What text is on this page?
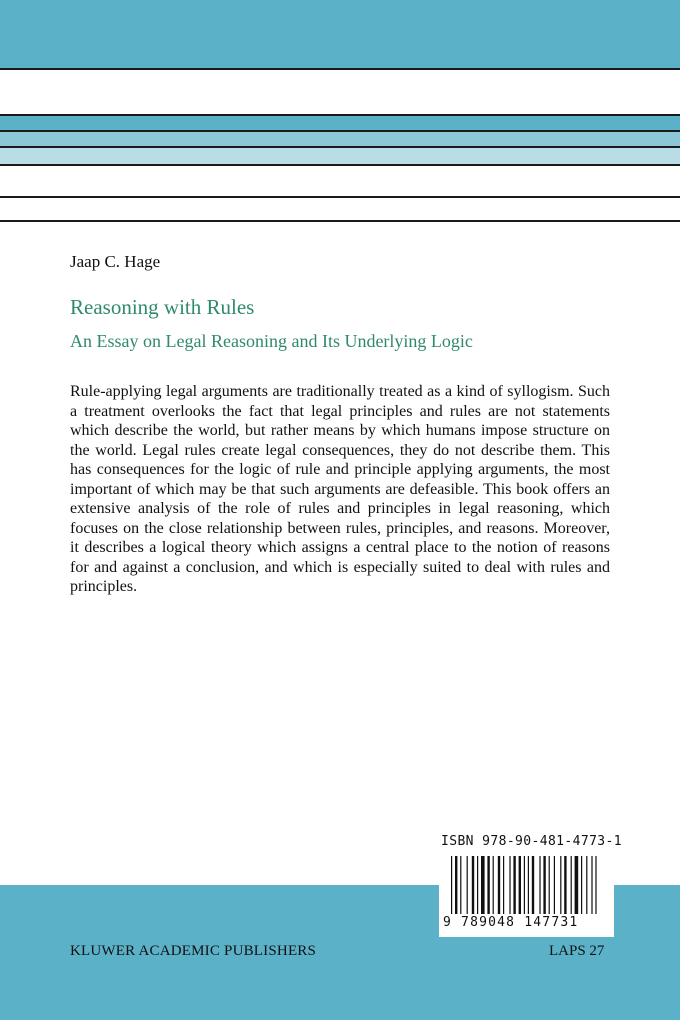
Jaap C. Hage
Reasoning with Rules
An Essay on Legal Reasoning and Its Underlying Logic
Rule-applying legal arguments are traditionally treated as a kind of syllogism. Such a treatment overlooks the fact that legal principles and rules are not statements which describe the world, but rather means by which humans impose structure on the world. Legal rules create legal consequences, they do not describe them. This has consequences for the logic of rule and principle applying arguments, the most important of which may be that such arguments are defeasible. This book offers an extensive analysis of the role of rules and principles in legal reasoning, which focuses on the close relationship between rules, principles, and reasons. Moreover, it describes a logical theory which assigns a central place to the notion of reasons for and against a conclusion, and which is especially suited to deal with rules and principles.
ISBN 978-90-481-4773-1
9 789048 147731
KLUWER ACADEMIC PUBLISHERS	LAPS 27
